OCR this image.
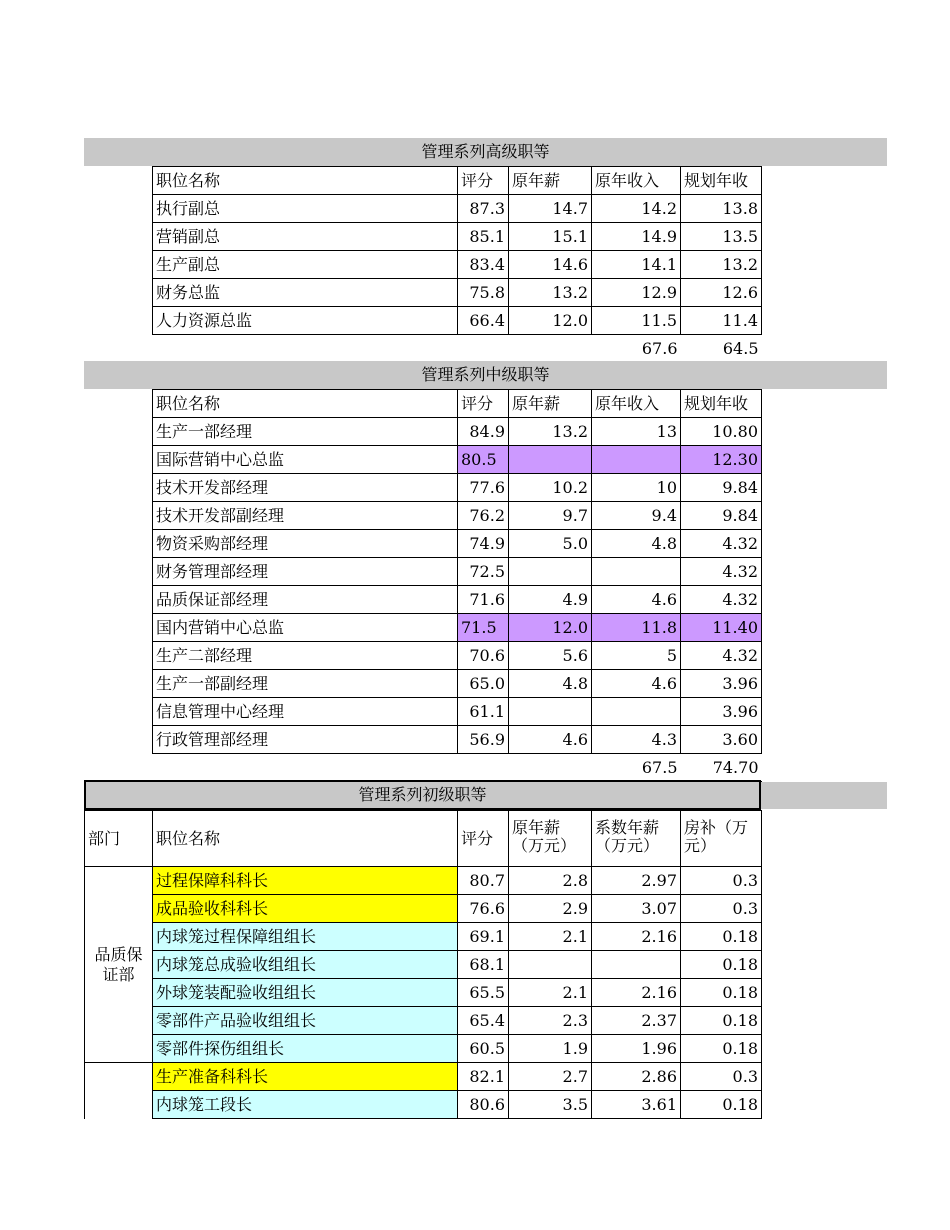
管理系列高级职等
职位名称	评分	原年薪	原年收入	规划年收
执行副总	87.3	14.7	14.2	13.8
营销副总	85.1	15.1	14.9	13.5
生产副总	83.4	14.6	14.1	13.2
财务总监	75.8	13.2	12.9	12.6
人力资源总监	66.4	12.0	11.5	11.4
			67.6	64.5
管理系列中级职等
职位名称	评分	原年薪	原年收入	规划年收
生产一部经理	84.9	13.2	13	10.80
国际营销中心总监	80.5			12.30
技术开发部经理	77.6	10.2	10	9.84
技术开发部副经理	76.2	9.7	9.4	9.84
物资采购部经理	74.9	5.0	4.8	4.32
财务管理部经理	72.5			4.32
品质保证部经理	71.6	4.9	4.6	4.32
国内营销中心总监	71.5	12.0	11.8	11.40
生产二部经理	70.6	5.6	5	4.32
生产一部副经理	65.0	4.8	4.6	3.96
信息管理中心经理	61.1			3.96
行政管理部经理	56.9	4.6	4.3	3.60
			67.5	74.70
管理系列初级职等
部门	职位名称	评分	原年薪（万元）	系数年薪（万元）	房补（万元）
品质保证部	过程保障科科长	80.7	2.8	2.97	0.3
	成品验收科科长	76.6	2.9	3.07	0.3
	内球笼过程保障组组长	69.1	2.1	2.16	0.18
	内球笼总成验收组组长	68.1			0.18
	外球笼装配验收组组长	65.5	2.1	2.16	0.18
	零部件产品验收组组长	65.4	2.3	2.37	0.18
	零部件探伤组组长	60.5	1.9	1.96	0.18
	生产准备科科长	82.1	2.7	2.86	0.3
	内球笼工段长	80.6	3.5	3.61	0.18
